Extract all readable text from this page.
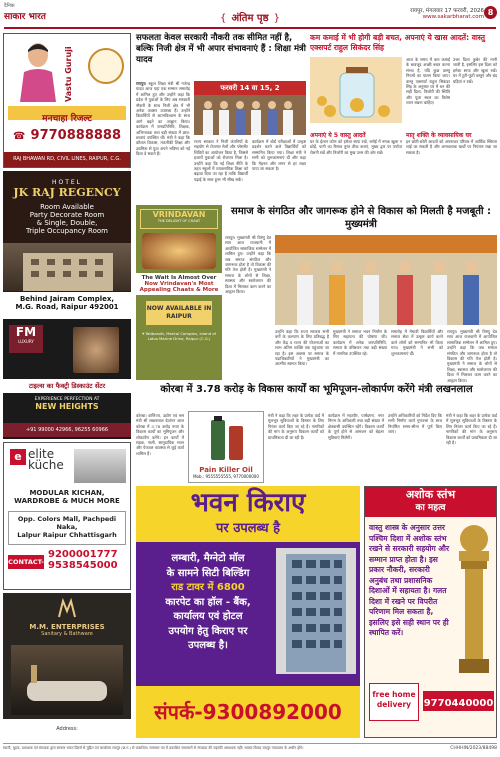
दैनिक
साकार भारत	{ अंतिम पृष्ठ }
रायपुर, मंगलवार 17 फरवरी, 2026
www.sakarbharat.com 8
Vastu Guruji
मनचाहा रिजल्ट
☎ 9770888888
RAJ BHAWAN RD, CIVIL LINES, RAIPUR, C.G.
HOTEL
JK RAJ REGENCY
Room Available
Party Decorate Room
& Single, Double,
Triple Occupancy Room
Behind Jairam Complex,
M.G. Road, Raipur 492001
FM
LUXURY
टाइल्स का फैक्ट्री डिस्काउंट सेंटर
EXPERIENCE PERFECTION AT
NEW HEIGHTS
+91 99000 42966, 96255 60966
e elite
küche
MODULAR KICHAN,
WARDROBE & MUCH MORE
Opp. Colors Mall, Pachpedi Naka,
Lalpur Raipur Chhattisgarh
CONTACT-
9200001777
9538545000
M.M. ENTERPRISES
Sanitary & Bathware
Address:
सफलता केवल सरकारी नौकरी तक सीमित नहीं है, बल्कि निजी क्षेत्र में भी अपार संभावनाएं हैं : शिक्षा मंत्री यादव
रायपुर। स्कूल शिक्षा मंत्री श्री गजेन्द्र यादव आज यहां एक सम्मान समारोह में शामिल हुए और उन्होंने कहा कि प्रदेश में युवाओं के लिए अब सरकारी नौकरी के साथ निजी क्षेत्र में भी अनेक अवसर उपलब्ध हैं। उन्होंने विद्यार्थियों से आत्मविश्वास के साथ आगे बढ़ने का आह्वान किया। कार्यक्रम में जनप्रतिनिधि, शिक्षक, अभिभावक तथा बड़ी संख्या में छात्र-छात्राएं उपस्थित थीं। मंत्री ने कहा कि कौशल विकास, तकनीकी शिक्षा और उद्यमिता से युवा अपने भविष्य को नई दिशा दे सकते हैं।
फरवरी 14 वा 15, 2
राज्य सरकार ने निजी कंपनियों के सहयोग से रोजगार मेलों और प्लेसमेंट शिविरों का आयोजन किया है, जिससे हजारों युवाओं को रोजगार मिला है। उन्होंने कहा कि नई शिक्षा नीति के तहत स्कूलों में व्यावसायिक शिक्षा को बढ़ावा दिया जा रहा है ताकि विद्यार्थी पढ़ाई के साथ हुनर भी सीख सकें।
कार्यक्रम में बोर्ड परीक्षाओं में उत्कृष्ट प्रदर्शन करने वाले विद्यार्थियों को सम्मानित किया गया। शिक्षा मंत्री ने सभी को शुभकामनाएं दीं और कहा कि मेहनत और लगन से हर लक्ष्य पाया जा सकता है।
कम कमाई में भी होगी बड़ी बचत, अपनाएं ये खास आदतें: वास्तु एक्सपर्ट राहुल सिकंदर सिंह
आज के समय में कम कमाई के बावजूद अच्छी बचत करना संभव है, यदि कुछ वास्तु नियमों का पालन किया जाए। वास्तु एक्सपर्ट राहुल सिकंदर सिंह के अनुसार घर में धन की सही दिशा, तिजोरी की स्थिति और पूजा स्थल का विशेष ध्यान रखना चाहिए।
उत्तर दिशा कुबेर की मानी जाती है, इसलिए इस दिशा को हमेशा साफ और खुला रखें। घर में टूटी-फूटी वस्तुएं और बंद घड़ियां न रखें।
अपनाएं ये 5 वास्तु आदतें
घर के ईशान कोण को हमेशा साफ रखें, रसोई में नमक खुला न छोड़ें, पानी का रिसाव तुरंत ठीक कराएं, मुख्य द्वार पर पर्याप्त रोशनी रखें और तिजोरी का मुख उत्तर की ओर रखें।
मातृ शक्ति के व्यावसायिक घर
इन छोटी-छोटी आदतों को अपनाकर परिवार में आर्थिक स्थिरता लाई जा सकती है और अनावश्यक खर्चों पर नियंत्रण रखा जा सकता है।
VRINDAVAN
THE DELIGHT OF CHAAT
The Wait Is Almost Over
Now Vrindavan's Most
Appealing Chaats & More
NOW AVAILABLE IN RAIPUR
⌖ Tatibandh, Mental Complex, inland of Lotus Marine Drive, Raipur (C.G.)
समाज के संगठित और जागरूक होने से विकास को मिलती है मजबूती : मुख्यमंत्री
रायपुर। मुख्यमंत्री श्री विष्णु देव साय आज राजधानी में आयोजित सामाजिक सम्मेलन में शामिल हुए। उन्होंने कहा कि जब समाज संगठित और जागरूक होता है तो विकास की गति तेज होती है। मुख्यमंत्री ने समाज के लोगों से शिक्षा, स्वास्थ्य और स्वरोजगार की दिशा में मिलकर काम करने का आह्वान किया।
उन्होंने कहा कि राज्य सरकार सभी वर्गों के कल्याण के लिए प्रतिबद्ध है और केंद्र व राज्य की योजनाओं का लाभ अंतिम व्यक्ति तक पहुंचाया जा रहा है। इस अवसर पर समाज के पदाधिकारियों ने मुख्यमंत्री का आत्मीय स्वागत किया।
मुख्यमंत्री ने समाज भवन निर्माण के लिए सहायता की घोषणा की। कार्यक्रम में अनेक जनप्रतिनिधि, समाज के वरिष्ठजन तथा बड़ी संख्या में नागरिक उपस्थित रहे।
समारोह में मेधावी विद्यार्थियों और समाज सेवा में उत्कृष्ट कार्य करने वाले लोगों को सम्मानित भी किया गया। मुख्यमंत्री ने सभी को शुभकामनाएं दीं।
रायपुर। मुख्यमंत्री श्री विष्णु देव साय आज राजधानी में आयोजित सामाजिक सम्मेलन में शामिल हुए। उन्होंने कहा कि जब समाज संगठित और जागरूक होता है तो विकास की गति तेज होती है। मुख्यमंत्री ने समाज के लोगों से शिक्षा, स्वास्थ्य और स्वरोजगार की दिशा में मिलकर काम करने का आह्वान किया।
कोरबा में 3.78 करोड़ के विकास कार्यों का भूमिपूजन-लोकार्पण करेंगे मंत्री लखनलाल
कोरबा। वाणिज्य, उद्योग एवं श्रम मंत्री श्री लखनलाल देवांगन आज कोरबा में 3.78 करोड़ रुपए के विकास कार्यों का भूमिपूजन और लोकार्पण करेंगे। इन कार्यों में सड़क, नाली, सामुदायिक भवन और पेयजल व्यवस्था से जुड़े कार्य शामिल हैं।
Pain Killer Oil
Mob.: 9555555555, 9770000000
मंत्री ने कहा कि शहर के प्रत्येक वार्ड में मूलभूत सुविधाओं के विस्तार के लिए निरंतर कार्य किए जा रहे हैं। नागरिकों की मांग के अनुरूप विकास कार्यों को प्राथमिकता दी जा रही है।
कार्यक्रम में महापौर, पार्षदगण, नगर निगम के अधिकारी तथा बड़ी संख्या में क्षेत्रवासी उपस्थित रहेंगे। विकास कार्यों के पूर्ण होने से आमजन को बेहतर सुविधाएं मिलेंगी।
उन्होंने अधिकारियों को निर्देश दिए कि सभी निर्माण कार्य गुणवत्ता के साथ निर्धारित समय-सीमा में पूर्ण किए जाएं।
मंत्री ने कहा कि शहर के प्रत्येक वार्ड में मूलभूत सुविधाओं के विस्तार के लिए निरंतर कार्य किए जा रहे हैं। नागरिकों की मांग के अनुरूप विकास कार्यों को प्राथमिकता दी जा रही है।
भवन किराए
पर उपलब्ध है
लम्बारी, मैग्नेटो मॉल
के सामने सिटी बिल्डिंग
राड टावर में 6800
कारपेट का हॉल - बैंक,
कार्यालय एवं होटल
उपयोग हेतु किराए पर
उपलब्ध है।
संपर्क-9300892000
अशोक स्तंभ
का महत्व
वास्तु शास्त्र के अनुसार उत्तर पश्चिम दिशा में अशोक स्तंभ रखने से सरकारी सहयोग और सम्मान प्राप्त होता है। इस प्रकार नौकरी, सरकारी अनुबंध तथा प्रशासनिक दिशाओं में सहायता है। गलत दिशा में रखने पर विपरीत परिणाम मिल सकता है, इसलिए इसे सही स्थान पर ही स्थापित करें।
free home delivery	9770440000
स्वामी, मुद्रक, प्रकाशक एवं संपादक द्वारा साकार भारत प्रिंटर्स से मुद्रित एवं कार्यालय रायपुर (छ.ग.) से प्रकाशित। समाचार पत्र में प्रकाशित समाचारों से संपादक की सहमति आवश्यक नहीं। समस्त विवाद रायपुर न्यायालय के अधीन होंगे।	CHHHIN/2023/88498
